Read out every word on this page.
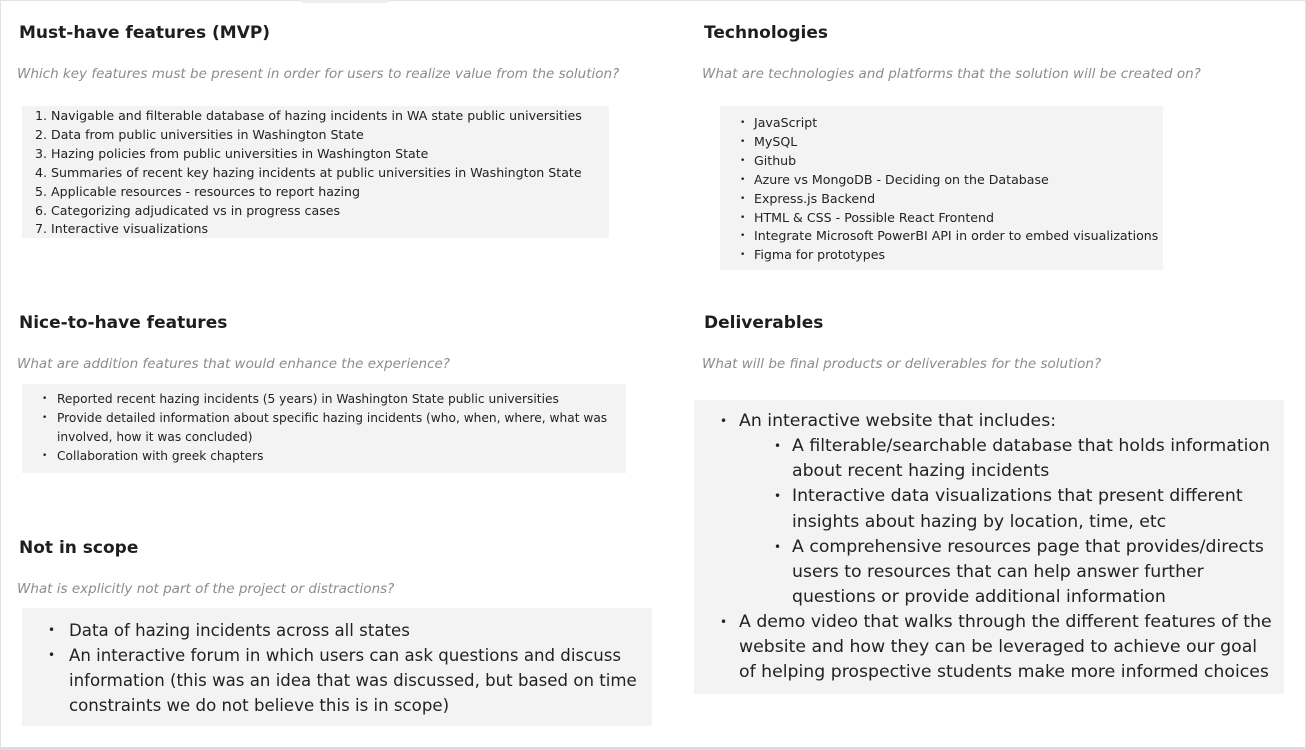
Must-have features (MVP)
Which key features must be present in order for users to realize value from the solution?
1. Navigable and filterable database of hazing incidents in WA state public universities
2. Data from public universities in Washington State
3. Hazing policies from public universities in Washington State
4. Summaries of recent key hazing incidents at public universities in Washington State
5. Applicable resources - resources to report hazing
6. Categorizing adjudicated vs in progress cases
7. Interactive visualizations
Technologies
What are technologies and platforms that the solution will be created on?
• JavaScript
• MySQL
• Github
• Azure vs MongoDB - Deciding on the Database
• Express.js Backend
• HTML & CSS - Possible React Frontend
• Integrate Microsoft PowerBI API in order to embed visualizations
• Figma for prototypes
Nice-to-have features
What are addition features that would enhance the experience?
• Reported recent hazing incidents (5 years) in Washington State public universities
• Provide detailed information about specific hazing incidents (who, when, where, what was involved, how it was concluded)
• Collaboration with greek chapters
Deliverables
What will be final products or deliverables for the solution?
• An interactive website that includes:
• A filterable/searchable database that holds information about recent hazing incidents
• Interactive data visualizations that present different insights about hazing by location, time, etc
• A comprehensive resources page that provides/directs users to resources that can help answer further questions or provide additional information
• A demo video that walks through the different features of the website and how they can be leveraged to achieve our goal of helping prospective students make more informed choices
Not in scope
What is explicitly not part of the project or distractions?
• Data of hazing incidents across all states
• An interactive forum in which users can ask questions and discuss information (this was an idea that was discussed, but based on time constraints we do not believe this is in scope)
